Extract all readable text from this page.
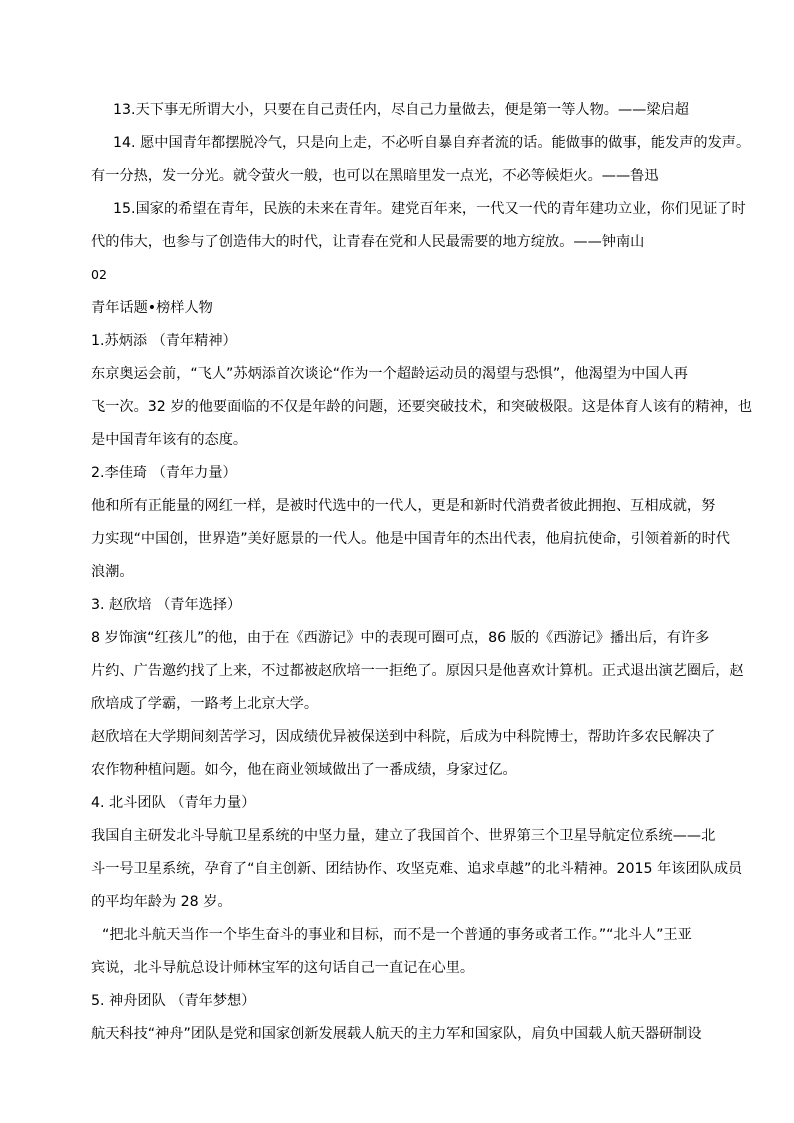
13.天下事无所谓大小，只要在自己责任内，尽自己力量做去，便是第一等人物。——梁启超
14. 愿中国青年都摆脱冷气，只是向上走，不必听自暴自弃者流的话。能做事的做事，能发声的发声。
有一分热，发一分光。就令萤火一般，也可以在黑暗里发一点光，不必等候炬火。——鲁迅
15.国家的希望在青年，民族的未来在青年。建党百年来，一代又一代的青年建功立业，你们见证了时
代的伟大，也参与了创造伟大的时代，让青春在党和人民最需要的地方绽放。——钟南山
02
青年话题•榜样人物
1.苏炳添 （青年精神）
东京奥运会前，“飞人”苏炳添首次谈论“作为一个超龄运动员的渴望与恐惧”，他渴望为中国人再
飞一次。32 岁的他要面临的不仅是年龄的问题，还要突破技术，和突破极限。这是体育人该有的精神，也
是中国青年该有的态度。
2.李佳琦 （青年力量）
他和所有正能量的网红一样，是被时代选中的一代人，更是和新时代消费者彼此拥抱、互相成就，努
力实现“中国创，世界造”美好愿景的一代人。他是中国青年的杰出代表，他肩抗使命，引领着新的时代
浪潮。
3. 赵欣培 （青年选择）
8 岁饰演“红孩儿”的他，由于在《西游记》中的表现可圈可点，86 版的《西游记》播出后，有许多
片约、广告邀约找了上来，不过都被赵欣培一一拒绝了。原因只是他喜欢计算机。正式退出演艺圈后，赵
欣培成了学霸，一路考上北京大学。
赵欣培在大学期间刻苦学习，因成绩优异被保送到中科院，后成为中科院博士，帮助许多农民解决了
农作物种植问题。如今，他在商业领域做出了一番成绩，身家过亿。
4. 北斗团队 （青年力量）
我国自主研发北斗导航卫星系统的中坚力量，建立了我国首个、世界第三个卫星导航定位系统——北
斗一号卫星系统，孕育了“自主创新、团结协作、攻坚克难、追求卓越”的北斗精神。2015 年该团队成员
的平均年龄为 28 岁。
“把北斗航天当作一个毕生奋斗的事业和目标，而不是一个普通的事务或者工作。”“北斗人”王亚
宾说，北斗导航总设计师林宝军的这句话自己一直记在心里。
5. 神舟团队 （青年梦想）
航天科技“神舟”团队是党和国家创新发展载人航天的主力军和国家队，肩负中国载人航天器研制设
